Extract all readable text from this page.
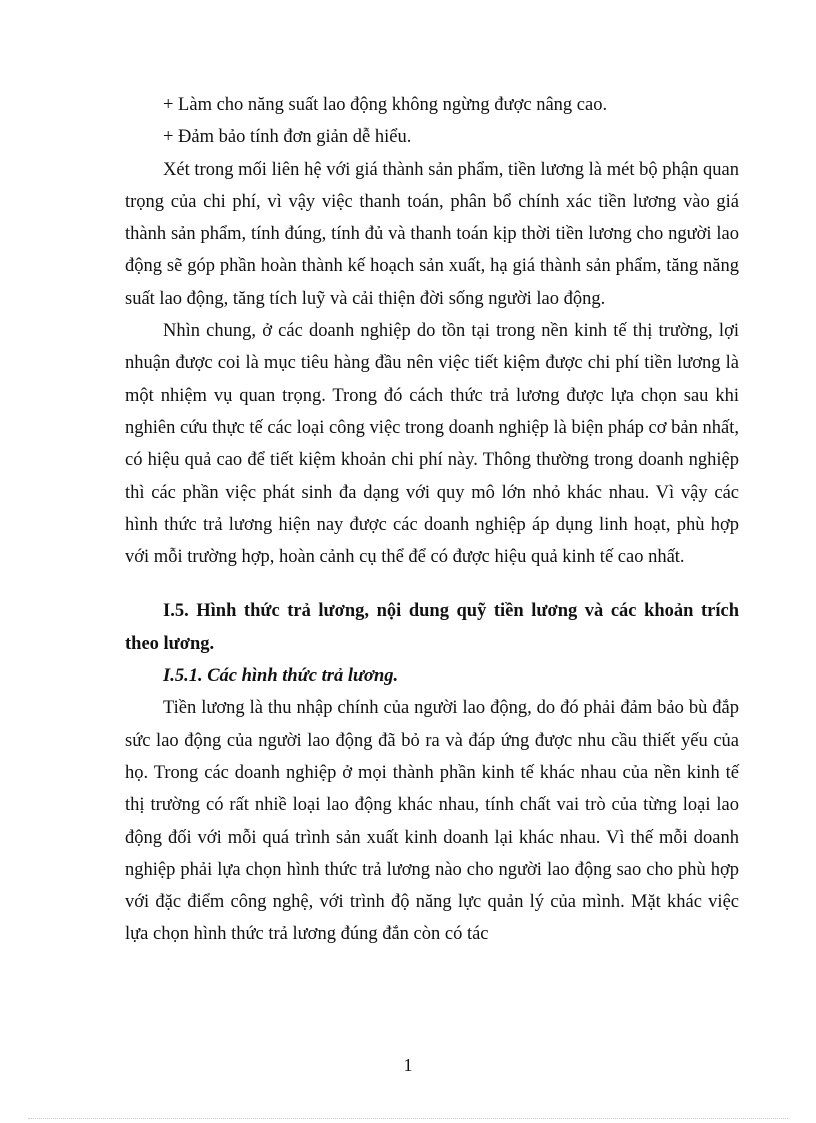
+ Làm cho năng suất lao động không ngừng được nâng cao.

+ Đảm bảo tính đơn giản dễ hiểu.

Xét trong mối liên hệ với giá thành sản phẩm, tiền lương là mét bộ phận quan trọng của chi phí, vì vậy việc thanh toán, phân bổ chính xác tiền lương vào giá thành sản phẩm, tính đúng, tính đủ và thanh toán kịp thời tiền lương cho người lao động sẽ góp phần hoàn thành kế hoạch sản xuất, hạ giá thành sản phẩm, tăng năng suất lao động, tăng tích luỹ và cải thiện đời sống người lao động.

Nhìn chung, ở các doanh nghiệp do tồn tại trong nền kinh tế thị trường, lợi nhuận được coi là mục tiêu hàng đầu nên việc tiết kiệm được chi phí tiền lương là một nhiệm vụ quan trọng. Trong đó cách thức trả lương được lựa chọn sau khi nghiên cứu thực tế các loại công việc trong doanh nghiệp là biện pháp cơ bản nhất, có hiệu quả cao để tiết kiệm khoản chi phí này. Thông thường trong doanh nghiệp thì các phần việc phát sinh đa dạng với quy mô lớn nhỏ khác nhau. Vì vậy các hình thức trả lương hiện nay được các doanh nghiệp áp dụng linh hoạt, phù hợp với mỗi trường hợp, hoàn cảnh cụ thể để có được hiệu quả kinh tế cao nhất.

I.5. Hình thức trả lương, nội dung quỹ tiền lương và các khoản trích theo lương.

I.5.1. Các hình thức trả lương.

Tiền lương là thu nhập chính của người lao động, do đó phải đảm bảo bù đắp sức lao động của người lao động đã bỏ ra và đáp ứng được nhu cầu thiết yếu của họ. Trong các doanh nghiệp ở mọi thành phần kinh tế khác nhau của nền kinh tế thị trường có rất nhiề loại lao động khác nhau, tính chất vai trò của từng loại lao động đối với mỗi quá trình sản xuất kinh doanh lại khác nhau. Vì thế mỗi doanh nghiệp phải lựa chọn hình thức trả lương nào cho người lao động sao cho phù hợp với đặc điểm công nghệ, với trình độ năng lực quản lý của mình. Mặt khác việc lựa chọn hình thức trả lương đúng đắn còn có tác

1
